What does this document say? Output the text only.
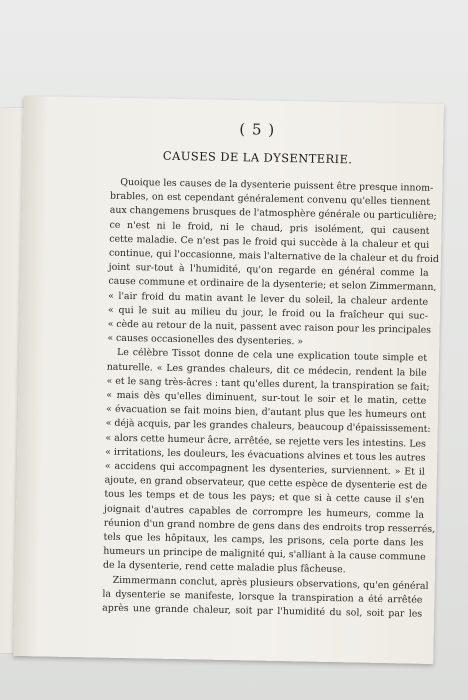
( 5 )
CAUSES DE LA DYSENTERIE.
Quoique les causes de la dysenterie puissent être presque innom-
brables, on est cependant généralement convenu qu'elles tiennent
aux changemens brusques de l'atmosphère générale ou particulière;
ce n'est ni le froid, ni le chaud, pris isolément, qui causent
cette maladie. Ce n'est pas le froid qui succède à la chaleur et qui
continue, qui l'occasionne, mais l'alternative de la chaleur et du froid
joint sur-tout à l'humidité, qu'on regarde en général comme la
cause commune et ordinaire de la dysenterie; et selon Zimmermann,
« l'air froid du matin avant le lever du soleil, la chaleur ardente
« qui le suit au milieu du jour, le froid ou la fraîcheur qui suc-
« cède au retour de la nuit, passent avec raison pour les principales
« causes occasionelles des dysenteries. »
Le célèbre Tissot donne de cela une explication toute simple et
naturelle. « Les grandes chaleurs, dit ce médecin, rendent la bile
« et le sang très-âcres : tant qu'elles durent, la transpiration se fait;
« mais dès qu'elles diminuent, sur-tout le soir et le matin, cette
« évacuation se fait moins bien, d'autant plus que les humeurs ont
« déjà acquis, par les grandes chaleurs, beaucoup d'épaississement:
« alors cette humeur âcre, arrêtée, se rejette vers les intestins. Les
« irritations, les douleurs, les évacuations alvines et tous les autres
« accidens qui accompagnent les dysenteries, surviennent. » Et il
ajoute, en grand observateur, que cette espèce de dysenterie est de
tous les temps et de tous les pays; et que si à cette cause il s'en
joignait d'autres capables de corrompre les humeurs, comme la
réunion d'un grand nombre de gens dans des endroits trop resserrés,
tels que les hôpitaux, les camps, les prisons, cela porte dans les
humeurs un principe de malignité qui, s'alliant à la cause commune
de la dysenterie, rend cette maladie plus fâcheuse.
Zimmermann conclut, après plusieurs observations, qu'en général
la dysenterie se manifeste, lorsque la transpiration a été arrêtée
après une grande chaleur, soit par l'humidité du sol, soit par les
